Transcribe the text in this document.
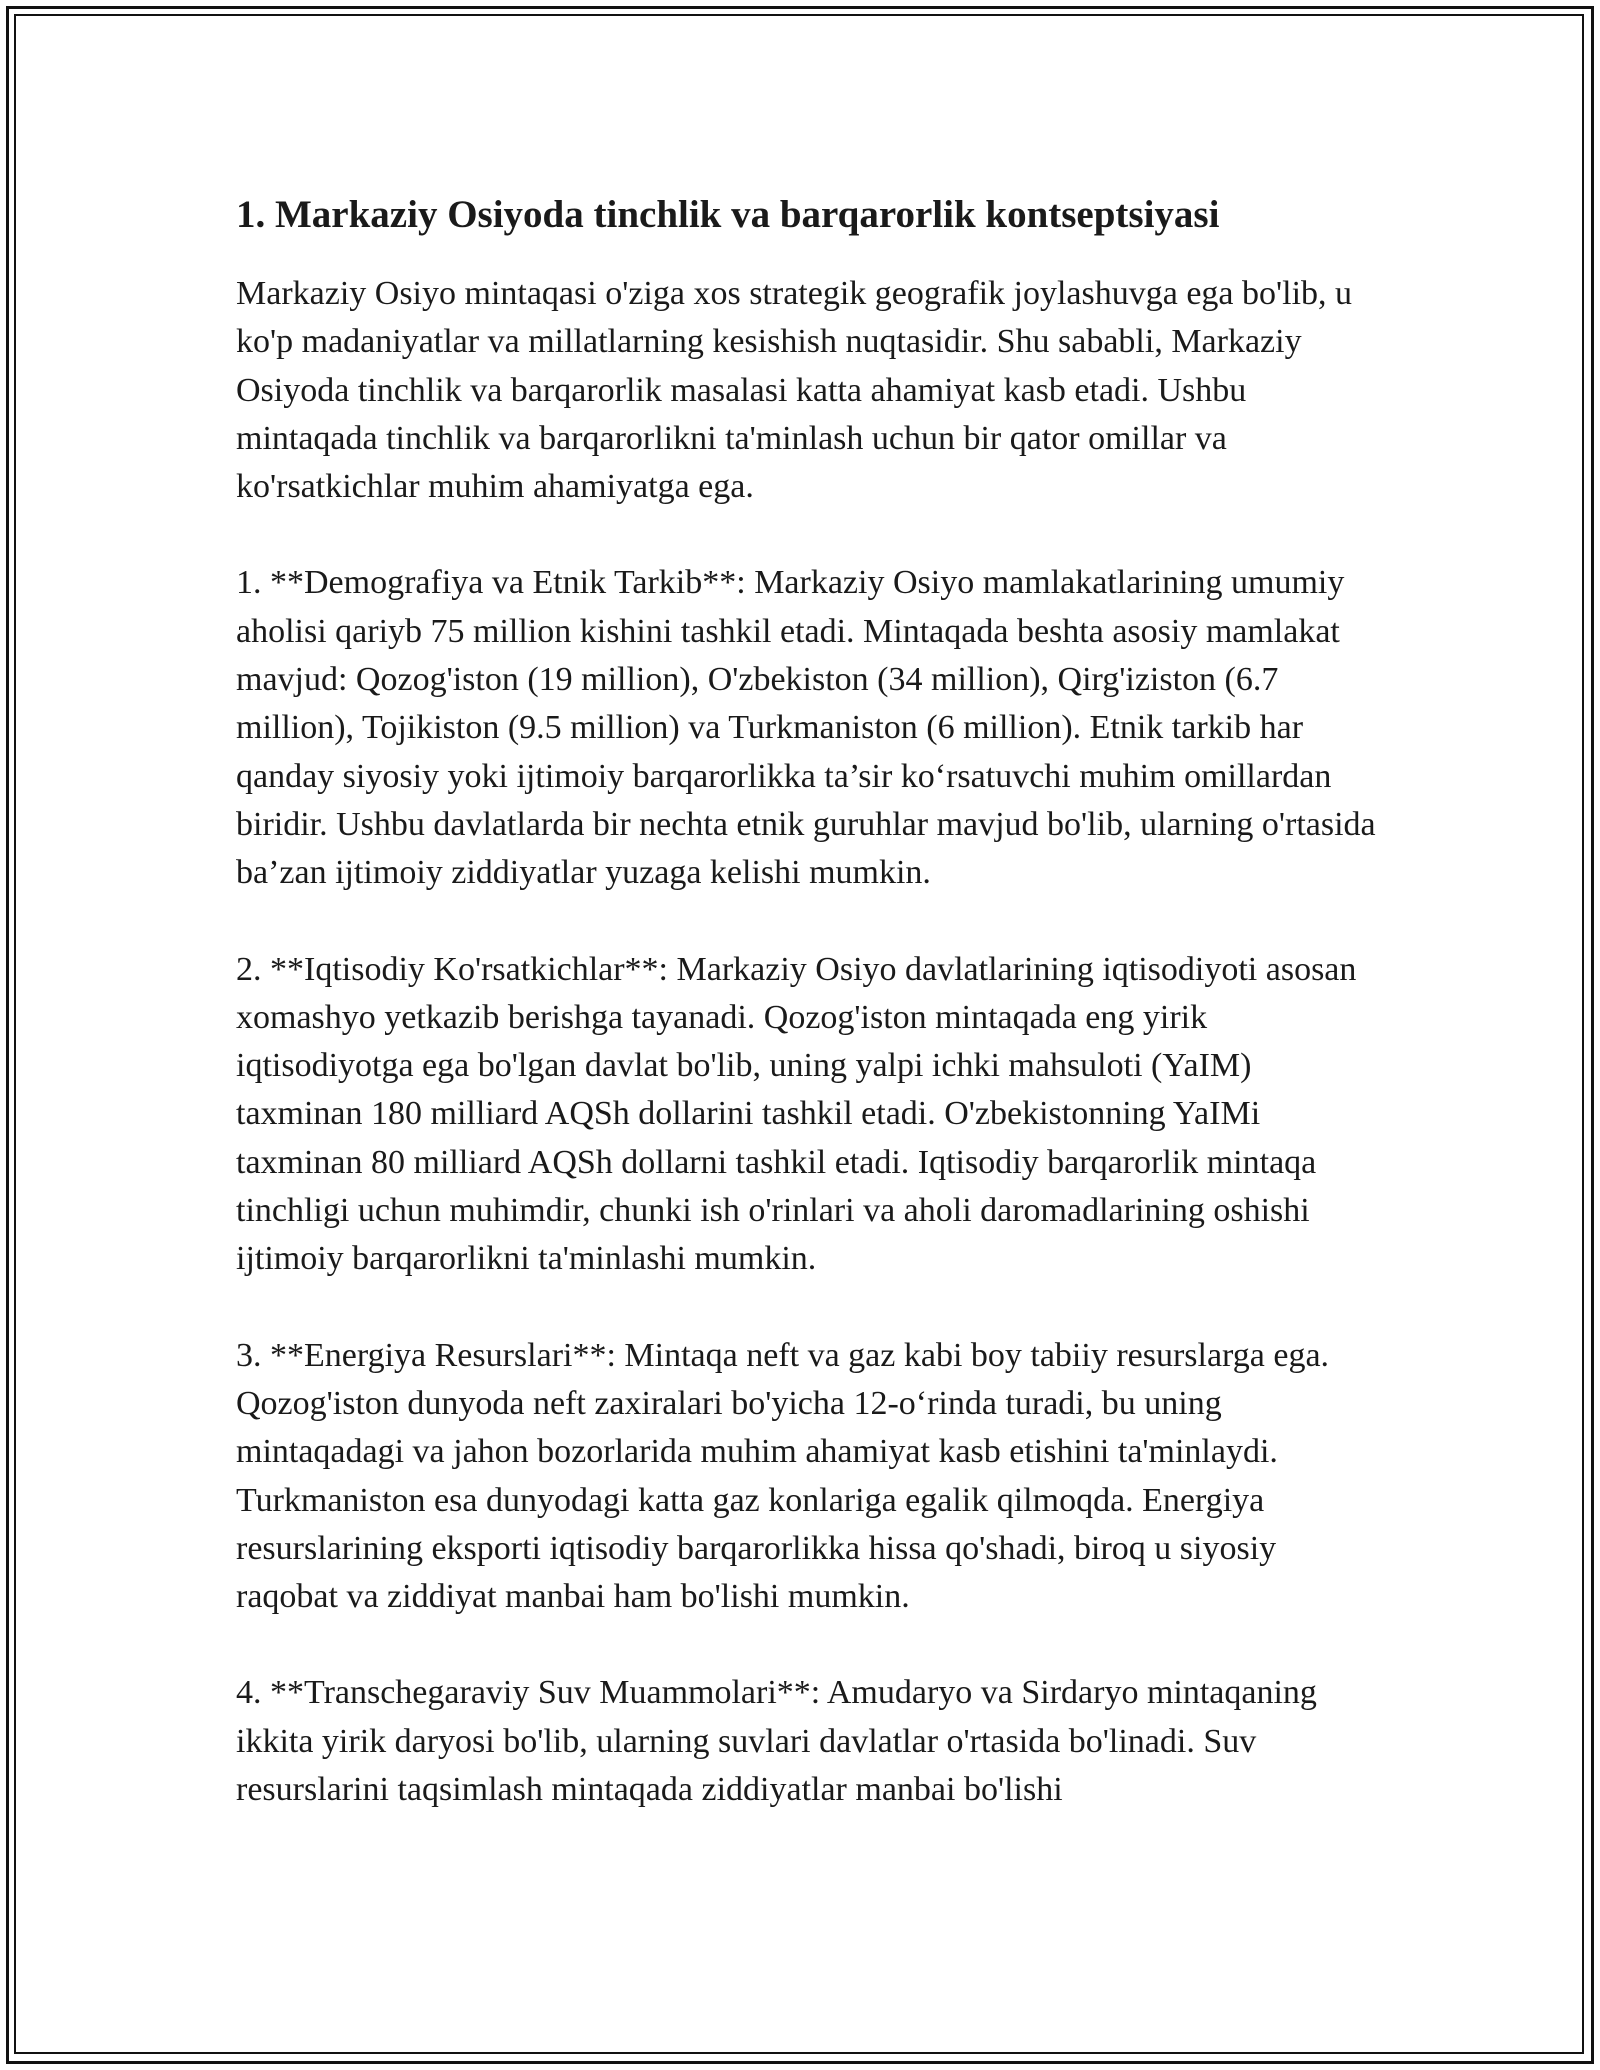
1. Markaziy Osiyoda tinchlik va barqarorlik kontseptsiyasi

Markaziy Osiyo mintaqasi o'ziga xos strategik geografik joylashuvga ega bo'lib, u ko'p madaniyatlar va millatlarning kesishish nuqtasidir. Shu sababli, Markaziy Osiyoda tinchlik va barqarorlik masalasi katta ahamiyat kasb etadi. Ushbu mintaqada tinchlik va barqarorlikni ta'minlash uchun bir qator omillar va ko'rsatkichlar muhim ahamiyatga ega.

1. **Demografiya va Etnik Tarkib**: Markaziy Osiyo mamlakatlarining umumiy aholisi qariyb 75 million kishini tashkil etadi. Mintaqada beshta asosiy mamlakat mavjud: Qozog'iston (19 million), O'zbekiston (34 million), Qirg'iziston (6.7 million), Tojikiston (9.5 million) va Turkmaniston (6 million). Etnik tarkib har qanday siyosiy yoki ijtimoiy barqarorlikka ta’sir ko‘rsatuvchi muhim omillardan biridir. Ushbu davlatlarda bir nechta etnik guruhlar mavjud bo'lib, ularning o'rtasida ba’zan ijtimoiy ziddiyatlar yuzaga kelishi mumkin.

2. **Iqtisodiy Ko'rsatkichlar**: Markaziy Osiyo davlatlarining iqtisodiyoti asosan xomashyo yetkazib berishga tayanadi. Qozog'iston mintaqada eng yirik iqtisodiyotga ega bo'lgan davlat bo'lib, uning yalpi ichki mahsuloti (YaIM) taxminan 180 milliard AQSh dollarini tashkil etadi. O'zbekistonning YaIMi taxminan 80 milliard AQSh dollarni tashkil etadi. Iqtisodiy barqarorlik mintaqa tinchligi uchun muhimdir, chunki ish o'rinlari va aholi daromadlarining oshishi ijtimoiy barqarorlikni ta'minlashi mumkin.

3. **Energiya Resurslari**: Mintaqa neft va gaz kabi boy tabiiy resurslarga ega. Qozog'iston dunyoda neft zaxiralari bo'yicha 12-o‘rinda turadi, bu uning mintaqadagi va jahon bozorlarida muhim ahamiyat kasb etishini ta'minlaydi. Turkmaniston esa dunyodagi katta gaz konlariga egalik qilmoqda. Energiya resurslarining eksporti iqtisodiy barqarorlikka hissa qo'shadi, biroq u siyosiy raqobat va ziddiyat manbai ham bo'lishi mumkin.

4. **Transchegaraviy Suv Muammolari**: Amudaryo va Sirdaryo mintaqaning ikkita yirik daryosi bo'lib, ularning suvlari davlatlar o'rtasida bo'linadi. Suv resurslarini taqsimlash mintaqada ziddiyatlar manbai bo'lishi
